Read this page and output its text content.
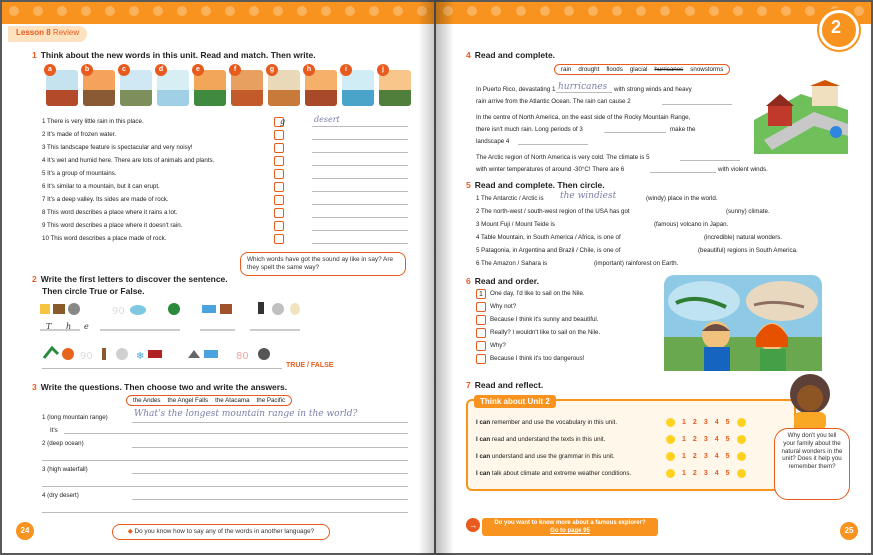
Lesson 8 Review
1 Think about the new words in this unit. Read and match. Then write.
a	b	c	d	e	f	g	h	i	j
1 There is very little rain in this place.
2 It's made of frozen water.
3 This landscape feature is spectacular and very noisy!
4 It's wet and humid here. There are lots of animals and plants.
5 It's a group of mountains.
6 It's similar to a mountain, but it can erupt.
7 It's a deep valley. Its sides are made of rock.
8 This word describes a place where it rains a lot.
9 This word describes a place where it doesn't rain.
10 This word describes a place made of rock.
g	desert
Which words have got the sound ay like in say? Are they spelt the same way?
2 Write the first letters to discover the sentence.
Then circle True or False.
90
90	❄	80
T h e
TRUE / FALSE
3 Write the questions. Then choose two and write the answers.
the Andes the Angel Falls the Atacama the Pacific
1 (long mountain range)	What's the longest mountain range in the world?
It's
2 (deep ocean)
3 (high waterfall)
4 (dry desert)
24	◆ Do you know how to say any of the words in another language?
2
4 Read and complete.
rain drought floods glacial hurricanes snowstorms
In Puerto Rico, devastating 1 hurricanes with strong winds and heavy
rain arrive from the Atlantic Ocean. The rain can cause 2
In the centre of North America, on the east side of the Rocky Mountain Range,
there isn't much rain. Long periods of 3	make the
landscape 4
The Arctic region of North America is very cold. The climate is 5
with winter temperatures of around -30°C! There are 6	with violent winds.
5 Read and complete. Then circle.
1 The Antarctic / Arctic is	(windy) place in the world.
2 The north-west / south-west region of the USA has got	(sunny) climate.
3 Mount Fuji / Mount Teide is	(famous) volcano in Japan.
4 Table Mountain, in South America / Africa, is one of	(incredible) natural wonders.
5 Patagonia, in Argentina and Brazil / Chile, is one of	(beautiful) regions in South America.
6 The Amazon / Sahara is	(important) rainforest on Earth.
the windiest
6 Read and order.
1	One day, I'd like to sail on the Nile.
Why not?
Because I think it's sunny and beautiful.
Really? I wouldn't like to sail on the Nile.
Why?
Because I think it's too dangerous!
7 Read and reflect.
Think about Unit 2
I can remember and use the vocabulary in this unit.	1 2 3 4 5
I can read and understand the texts in this unit.	1 2 3 4 5
I can understand and use the grammar in this unit.	1 2 3 4 5
I can talk about climate and extreme weather conditions.	1 2 3 4 5
Why don't you tell your family about the natural wonders in the unit? Does it help you remember them?
→	Do you want to know more about a famous explorer?
Go to page 95	25
